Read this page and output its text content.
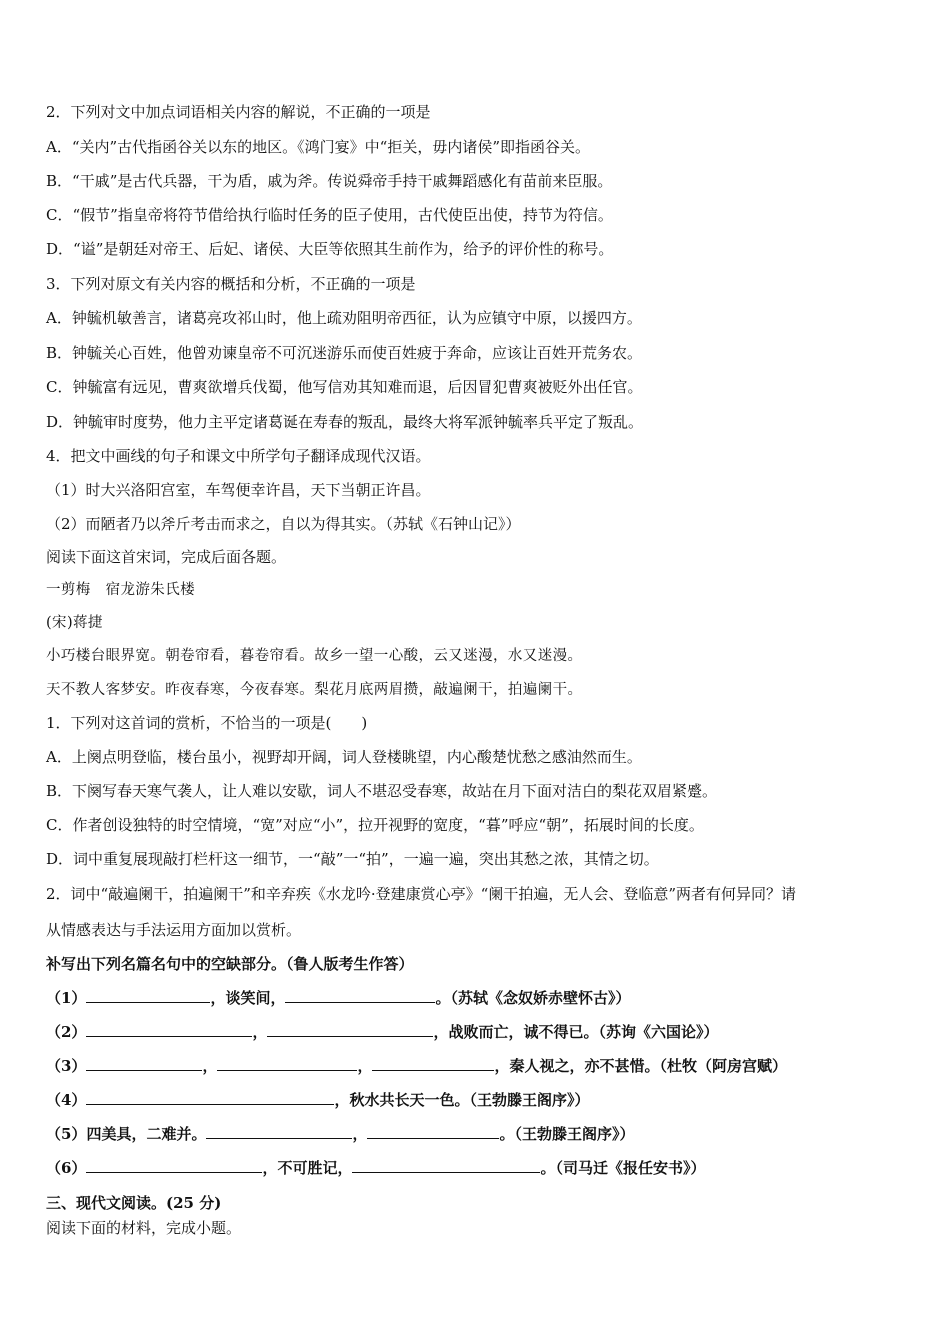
2．下列对文中加点词语相关内容的解说，不正确的一项是
A．“关内”古代指函谷关以东的地区。《鸿门宴》中“拒关，毋内诸侯”即指函谷关。
B．“干戚”是古代兵器，干为盾，戚为斧。传说舜帝手持干戚舞蹈感化有苗前来臣服。
C．“假节”指皇帝将符节借给执行临时任务的臣子使用，古代使臣出使，持节为符信。
D．“谥”是朝廷对帝王、后妃、诸侯、大臣等依照其生前作为，给予的评价性的称号。
3．下列对原文有关内容的概括和分析，不正确的一项是
A．钟毓机敏善言，诸葛亮攻祁山时，他上疏劝阻明帝西征，认为应镇守中原，以援四方。
B．钟毓关心百姓，他曾劝谏皇帝不可沉迷游乐而使百姓疲于奔命，应该让百姓开荒务农。
C．钟毓富有远见，曹爽欲增兵伐蜀，他写信劝其知难而退，后因冒犯曹爽被贬外出任官。
D．钟毓审时度势，他力主平定诸葛诞在寿春的叛乱，最终大将军派钟毓率兵平定了叛乱。
4．把文中画线的句子和课文中所学句子翻译成现代汉语。
（1）时大兴洛阳宫室，车驾便幸许昌，天下当朝正许昌。
（2）而陋者乃以斧斤考击而求之，自以为得其实。（苏轼《石钟山记》）
阅读下面这首宋词，完成后面各题。
一剪梅　宿龙游朱氏楼
(宋)蒋捷
小巧楼台眼界宽。朝卷帘看，暮卷帘看。故乡一望一心酸，云又迷漫，水又迷漫。
天不教人客梦安。昨夜春寒，今夜春寒。梨花月底两眉攒，敲遍阑干，拍遍阑干。
1．下列对这首词的赏析，不恰当的一项是(　　)
A．上阕点明登临，楼台虽小，视野却开阔，词人登楼眺望，内心酸楚忧愁之感油然而生。
B．下阕写春天寒气袭人，让人难以安歇，词人不堪忍受春寒，故站在月下面对洁白的梨花双眉紧蹙。
C．作者创设独特的时空情境，“宽”对应“小”，拉开视野的宽度，“暮”呼应“朝”，拓展时间的长度。
D．词中重复展现敲打栏杆这一细节，一“敲”一“拍”，一遍一遍，突出其愁之浓，其情之切。
2．词中“敲遍阑干，拍遍阑干”和辛弃疾《水龙吟·登建康赏心亭》“阑干拍遍，无人会、登临意”两者有何异同？请
从情感表达与手法运用方面加以赏析。
补写出下列名篇名句中的空缺部分。（鲁人版考生作答）
（1）	，谈笑间，	。（苏轼《念奴娇赤壁怀古》）
（2）	，	，战败而亡，诚不得已。（苏询《六国论》）
（3）	，	，	，秦人视之，亦不甚惜。（杜牧（阿房宫赋）
（4）	，秋水共长天一色。（王勃滕王阁序》）
（5）四美具，二难并。	，	。（王勃滕王阁序》）
（6）	，不可胜记，	。（司马迁《报任安书》）
三、现代文阅读。(25 分)
阅读下面的材料，完成小题。
